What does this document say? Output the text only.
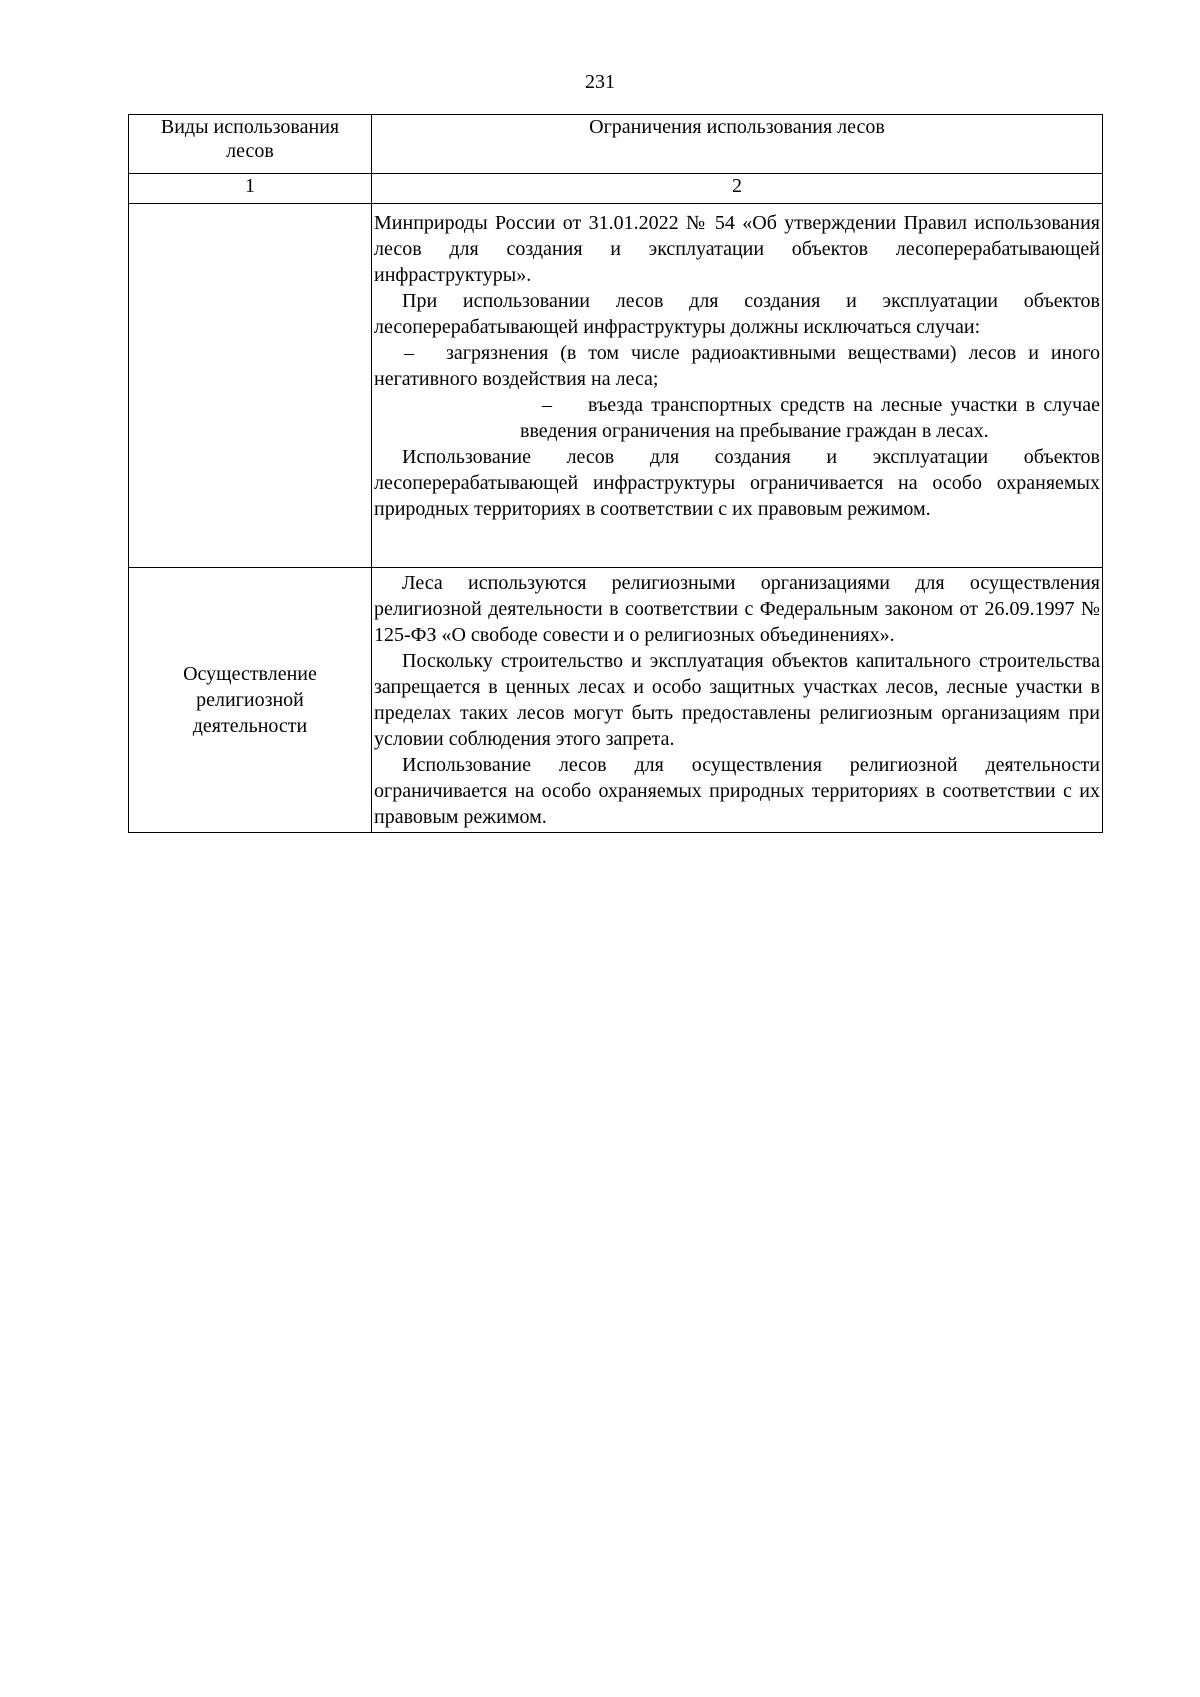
231
Виды использования лесов	Ограничения использования лесов
1	2

	Минприроды России от 31.01.2022 № 54 «Об утверждении Правил использования лесов для создания и эксплуатации объектов лесоперерабатывающей инфраструктуры».

При использовании лесов для создания и эксплуатации объектов лесоперерабатывающей инфраструктуры должны исключаться случаи:

– загрязнения (в том числе радиоактивными веществами) лесов и иного негативного воздействия на леса;

– въезда транспортных средств на лесные участки в случае введения ограничения на пребывание граждан в лесах.

Использование лесов для создания и эксплуатации объектов лесоперерабатывающей инфраструктуры ограничивается на особо охраняемых природных территориях в соответствии с их правовым режимом.

Осуществление религиозной деятельности	Леса используются религиозными организациями для осуществления религиозной деятельности в соответствии с Федеральным законом от 26.09.1997 № 125-ФЗ «О свободе совести и о религиозных объединениях».

Поскольку строительство и эксплуатация объектов капитального строительства запрещается в ценных лесах и особо защитных участках лесов, лесные участки в пределах таких лесов могут быть предоставлены религиозным организациям при условии соблюдения этого запрета.

Использование лесов для осуществления религиозной деятельности ограничивается на особо охраняемых природных территориях в соответствии с их правовым режимом.
